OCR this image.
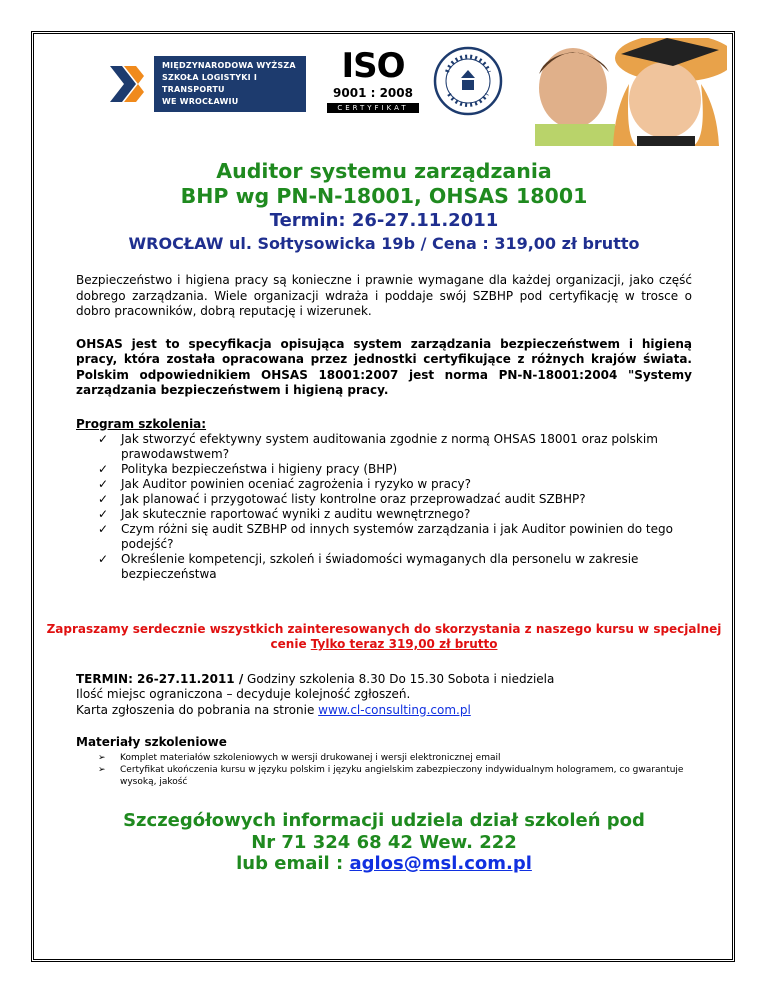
MIĘDZYNARODOWA WYŻSZA
SZKOŁA LOGISTYKI I TRANSPORTU
WE WROCŁAWIU
ISO
9001 : 2008
CERTYFIKAT
Auditor systemu zarządzania
BHP wg PN-N-18001, OHSAS 18001
Termin: 26-27.11.2011
WROCŁAW ul. Sołtysowicka 19b / Cena : 319,00 zł brutto

Bezpieczeństwo i higiena pracy są konieczne i prawnie wymagane dla każdej organizacji, jako część dobrego zarządzania. Wiele organizacji wdraża i poddaje swój SZBHP pod certyfikację w trosce o dobro pracowników, dobrą reputację i wizerunek.

OHSAS jest to specyfikacja opisująca system zarządzania bezpieczeństwem i higieną pracy, która została opracowana przez jednostki certyfikujące z różnych krajów świata. Polskim odpowiednikiem OHSAS 18001:2007 jest norma PN-N-18001:2004 "Systemy zarządzania bezpieczeństwem i higieną pracy.

Program szkolenia:
✓ Jak stworzyć efektywny system auditowania zgodnie z normą OHSAS 18001 oraz polskim prawodawstwem?
✓ Polityka bezpieczeństwa i higieny pracy (BHP)
✓ Jak Auditor powinien oceniać zagrożenia i ryzyko w pracy?
✓ Jak planować i przygotować listy kontrolne oraz przeprowadzać audit SZBHP?
✓ Jak skutecznie raportować wyniki z auditu wewnętrznego?
✓ Czym różni się audit SZBHP od innych systemów zarządzania i jak Auditor powinien do tego podejść?
✓ Określenie kompetencji, szkoleń i świadomości wymaganych dla personelu w zakresie bezpieczeństwa
Zapraszamy serdecznie wszystkich zainteresowanych do skorzystania z naszego kursu w specjalnej cenie Tylko teraz 319,00 zł brutto
TERMIN: 26-27.11.2011 / Godziny szkolenia 8.30 Do 15.30 Sobota i niedziela
Ilość miejsc ograniczona – decyduje kolejność zgłoszeń.
Karta zgłoszenia do pobrania na stronie www.cl-consulting.com.pl
Materiały szkoleniowe
➢ Komplet materiałów szkoleniowych w wersji drukowanej i wersji elektronicznej email
➢ Certyfikat ukończenia kursu w języku polskim i języku angielskim zabezpieczony indywidualnym hologramem, co gwarantuje wysoką, jakość
Szczegółowych informacji udziela dział szkoleń pod
Nr 71 324 68 42 Wew. 222
lub email : aglos@msl.com.pl
